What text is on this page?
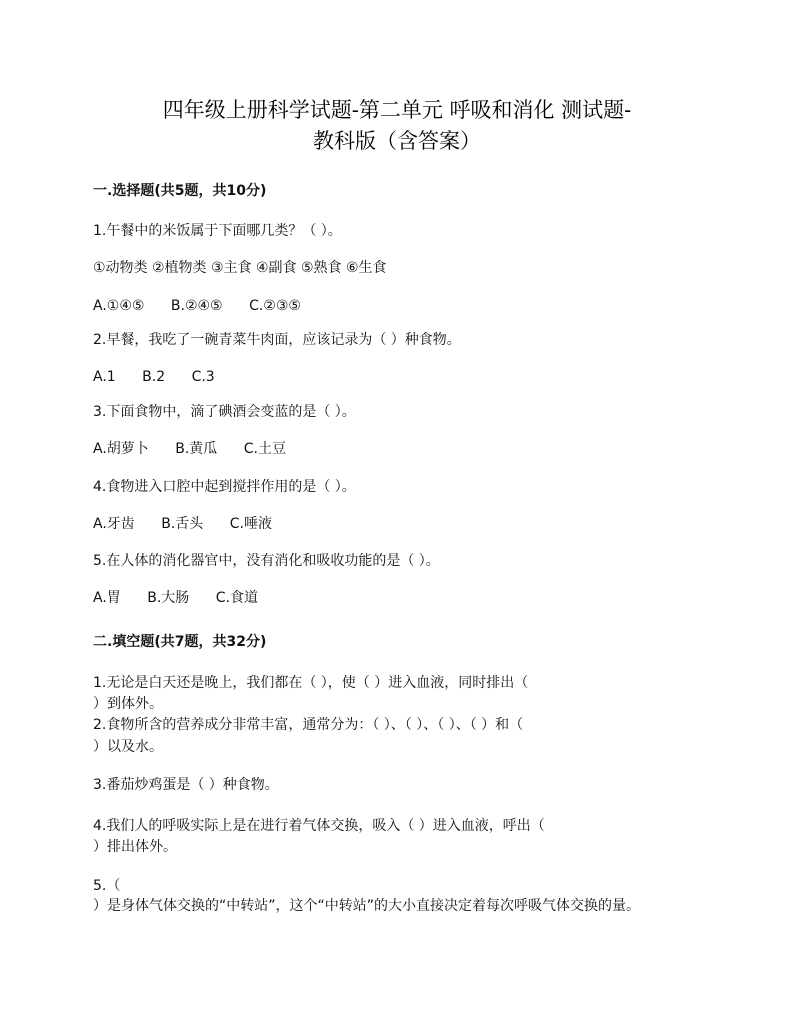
四年级上册科学试题-第二单元 呼吸和消化 测试题-
教科版（含答案）
一.选择题(共5题，共10分)
1.午餐中的米饭属于下面哪几类？（ ）。
①动物类 ②植物类 ③主食 ④副食 ⑤熟食 ⑥生食
A.①④⑤ B.②④⑤ C.②③⑤
2.早餐，我吃了一碗青菜牛肉面，应该记录为（ ）种食物。
A.1 B.2 C.3
3.下面食物中，滴了碘酒会变蓝的是（ ）。
A.胡萝卜 B.黄瓜 C.土豆
4.食物进入口腔中起到搅拌作用的是（ ）。
A.牙齿 B.舌头 C.唾液
5.在人体的消化器官中，没有消化和吸收功能的是（ ）。
A.胃 B.大肠 C.食道
二.填空题(共7题，共32分)
1.无论是白天还是晚上，我们都在（ ），使（ ）进入血液，同时排出（
）到体外。
2.食物所含的营养成分非常丰富，通常分为：（ ）、（ ）、（ ）、（ ）和（
）以及水。
3.番茄炒鸡蛋是（ ）种食物。
4.我们人的呼吸实际上是在进行着气体交换，吸入（ ）进入血液，呼出（
）排出体外。
5.（
）是身体气体交换的“中转站”，这个“中转站”的大小直接决定着每次呼吸气体交换的量。
